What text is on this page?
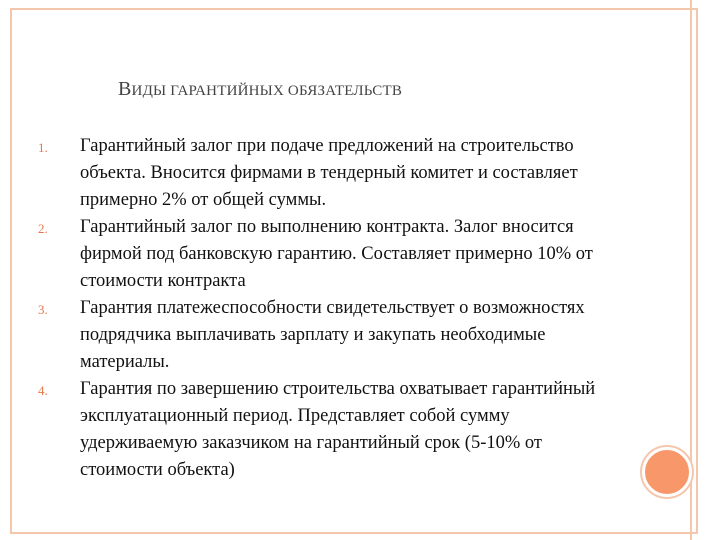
ВИДЫ ГАРАНТИЙНЫХ ОБЯЗАТЕЛЬСТВ
1. Гарантийный залог при подаче предложений на строительство объекта. Вносится фирмами в тендерный комитет и составляет примерно 2% от общей суммы.
2. Гарантийный залог по выполнению контракта. Залог вносится фирмой под банковскую гарантию. Составляет примерно 10% от стоимости контракта
3. Гарантия платежеспособности свидетельствует о возможностях подрядчика выплачивать зарплату и закупать необходимые материалы.
4. Гарантия по завершению строительства охватывает гарантийный эксплуатационный период. Представляет собой сумму удерживаемую заказчиком на гарантийный срок (5-10% от стоимости объекта)
